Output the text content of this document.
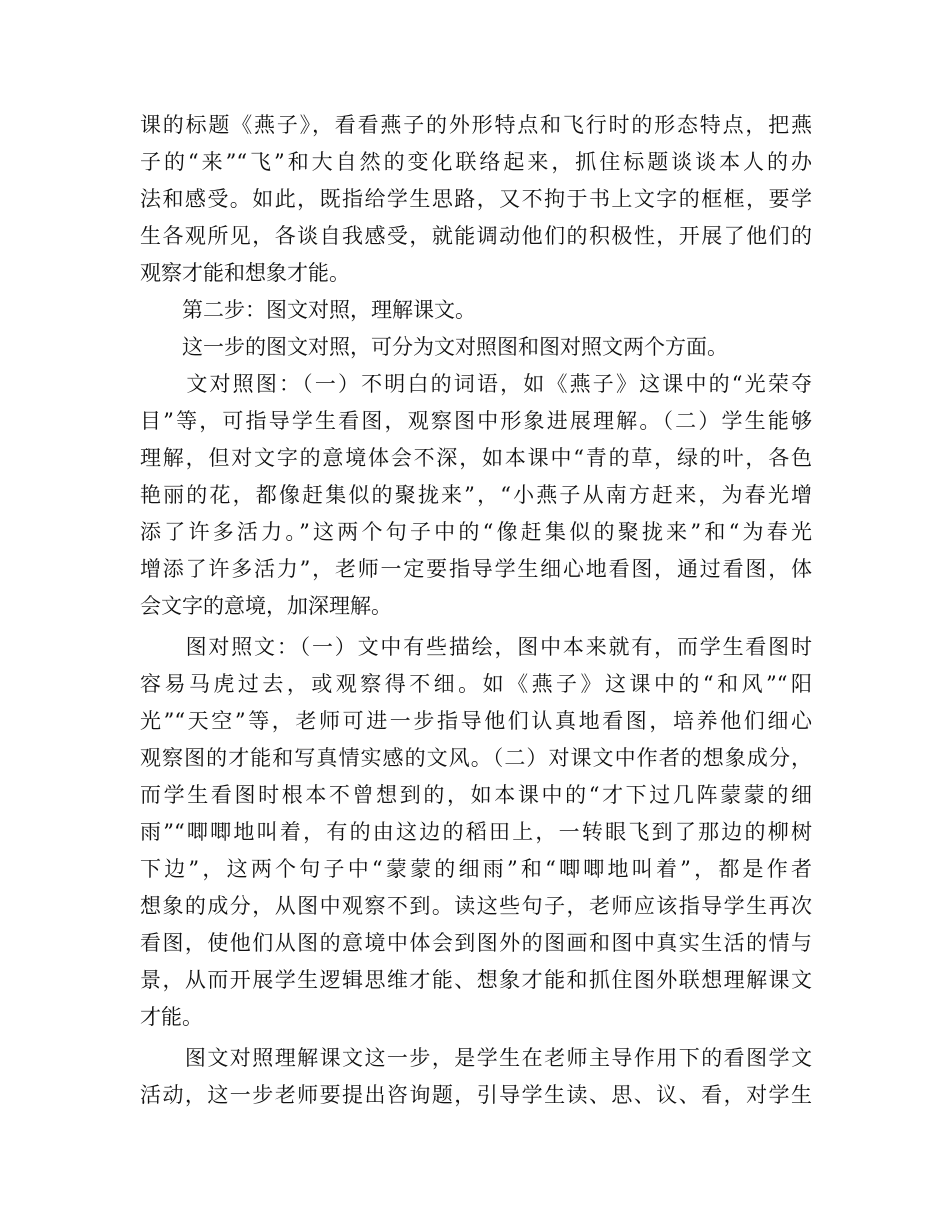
课的标题《燕子》，看看燕子的外形特点和飞行时的形态特点，把燕
子的“来”“飞”和大自然的变化联络起来，抓住标题谈谈本人的办
法和感受。如此，既指给学生思路，又不拘于书上文字的框框，要学
生各观所见，各谈自我感受，就能调动他们的积极性，开展了他们的
观察才能和想象才能。
　　第二步：图文对照，理解课文。
　　这一步的图文对照，可分为文对照图和图对照文两个方面。
　　文对照图：（一）不明白的词语，如《燕子》这课中的“光荣夺
目”等，可指导学生看图，观察图中形象进展理解。（二）学生能够
理解，但对文字的意境体会不深，如本课中“青的草，绿的叶，各色
艳丽的花，都像赶集似的聚拢来”，“小燕子从南方赶来，为春光增
添了许多活力。”这两个句子中的“像赶集似的聚拢来”和“为春光
增添了许多活力”，老师一定要指导学生细心地看图，通过看图，体
会文字的意境，加深理解。
　　图对照文：（一）文中有些描绘，图中本来就有，而学生看图时
容易马虎过去，或观察得不细。如《燕子》这课中的“和风”“阳
光”“天空”等，老师可进一步指导他们认真地看图，培养他们细心
观察图的才能和写真情实感的文风。（二）对课文中作者的想象成分，
而学生看图时根本不曾想到的，如本课中的“才下过几阵蒙蒙的细
雨”“唧唧地叫着，有的由这边的稻田上，一转眼飞到了那边的柳树
下边”，这两个句子中“蒙蒙的细雨”和“唧唧地叫着”，都是作者
想象的成分，从图中观察不到。读这些句子，老师应该指导学生再次
看图，使他们从图的意境中体会到图外的图画和图中真实生活的情与
景，从而开展学生逻辑思维才能、想象才能和抓住图外联想理解课文
才能。
　　图文对照理解课文这一步，是学生在老师主导作用下的看图学文
活动，这一步老师要提出咨询题，引导学生读、思、议、看，对学生
